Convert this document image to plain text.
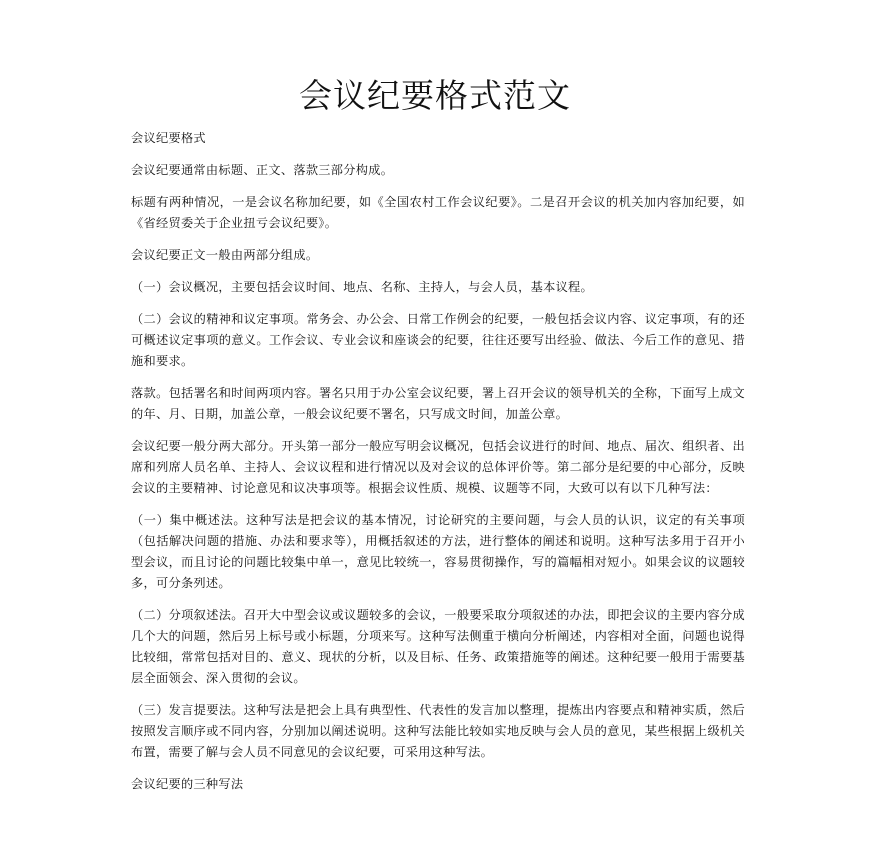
会议纪要格式范文

会议纪要格式

会议纪要通常由标题、正文、落款三部分构成。

标题有两种情况，一是会议名称加纪要，如《全国农村工作会议纪要》。二是召开会议的机关加内容加纪要，如《省经贸委关于企业扭亏会议纪要》。

会议纪要正文一般由两部分组成。

（一）会议概况，主要包括会议时间、地点、名称、主持人，与会人员，基本议程。

（二）会议的精神和议定事项。常务会、办公会、日常工作例会的纪要，一般包括会议内容、议定事项，有的还可概述议定事项的意义。工作会议、专业会议和座谈会的纪要，往往还要写出经验、做法、今后工作的意见、措施和要求。

落款。包括署名和时间两项内容。署名只用于办公室会议纪要，署上召开会议的领导机关的全称，下面写上成文的年、月、日期，加盖公章，一般会议纪要不署名，只写成文时间，加盖公章。

会议纪要一般分两大部分。开头第一部分一般应写明会议概况，包括会议进行的时间、地点、届次、组织者、出席和列席人员名单、主持人、会议议程和进行情况以及对会议的总体评价等。第二部分是纪要的中心部分，反映会议的主要精神、讨论意见和议决事项等。根据会议性质、规模、议题等不同，大致可以有以下几种写法：

（一）集中概述法。这种写法是把会议的基本情况，讨论研究的主要问题，与会人员的认识，议定的有关事项（包括解决问题的措施、办法和要求等），用概括叙述的方法，进行整体的阐述和说明。这种写法多用于召开小型会议，而且讨论的问题比较集中单一，意见比较统一，容易贯彻操作，写的篇幅相对短小。如果会议的议题较多，可分条列述。

（二）分项叙述法。召开大中型会议或议题较多的会议，一般要采取分项叙述的办法，即把会议的主要内容分成几个大的问题，然后另上标号或小标题，分项来写。这种写法侧重于横向分析阐述，内容相对全面，问题也说得比较细，常常包括对目的、意义、现状的分析，以及目标、任务、政策措施等的阐述。这种纪要一般用于需要基层全面领会、深入贯彻的会议。

（三）发言提要法。这种写法是把会上具有典型性、代表性的发言加以整理，提炼出内容要点和精神实质，然后按照发言顺序或不同内容，分别加以阐述说明。这种写法能比较如实地反映与会人员的意见，某些根据上级机关布置，需要了解与会人员不同意见的会议纪要，可采用这种写法。

会议纪要的三种写法
